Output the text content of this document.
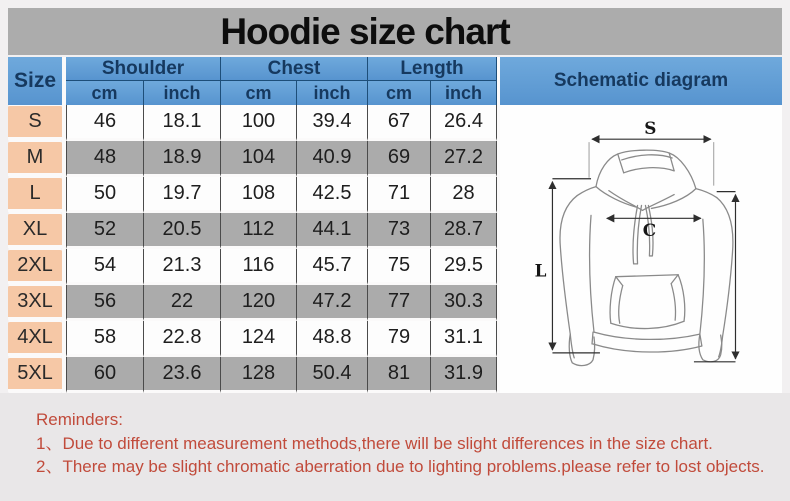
Hoodie size chart
Size
Shoulder	Chest	Length
cm	inch	cm	inch	cm	inch
Schematic diagram
S
C
L
S	46	18.1	100	39.4	67	26.4
M	48	18.9	104	40.9	69	27.2
L	50	19.7	108	42.5	71	28
XL	52	20.5	112	44.1	73	28.7
2XL	54	21.3	116	45.7	75	29.5
3XL	56	22	120	47.2	77	30.3
4XL	58	22.8	124	48.8	79	31.1
5XL	60	23.6	128	50.4	81	31.9
Reminders:
1、Due to different measurement methods,there will be slight differences in the size chart.
2、There may be slight chromatic aberration due to lighting problems.please refer to lost objects.
